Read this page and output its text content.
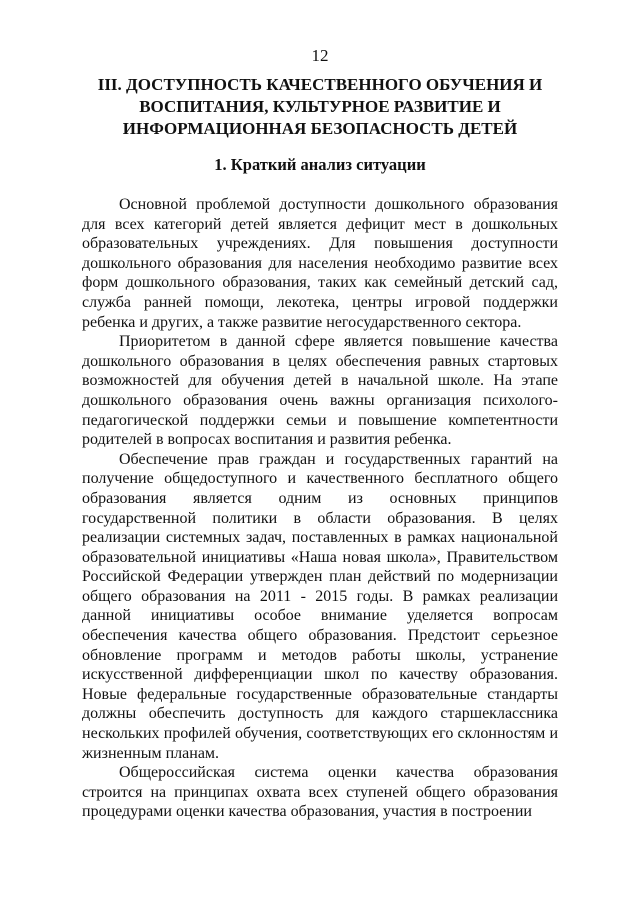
12
III. ДОСТУПНОСТЬ КАЧЕСТВЕННОГО ОБУЧЕНИЯ И ВОСПИТАНИЯ, КУЛЬТУРНОЕ РАЗВИТИЕ И ИНФОРМАЦИОННАЯ БЕЗОПАСНОСТЬ ДЕТЕЙ
1. Краткий анализ ситуации

Основной проблемой доступности дошкольного образования для всех категорий детей является дефицит мест в дошкольных образовательных учреждениях. Для повышения доступности дошкольного образования для населения необходимо развитие всех форм дошкольного образования, таких как семейный детский сад, служба ранней помощи, лекотека, центры игровой поддержки ребенка и других, а также развитие негосударственного сектора.

Приоритетом в данной сфере является повышение качества дошкольного образования в целях обеспечения равных стартовых возможностей для обучения детей в начальной школе. На этапе дошкольного образования очень важны организация психолого-педагогической поддержки семьи и повышение компетентности родителей в вопросах воспитания и развития ребенка.

Обеспечение прав граждан и государственных гарантий на получение общедоступного и качественного бесплатного общего образования является одним из основных принципов государственной политики в области образования. В целях реализации системных задач, поставленных в рамках национальной образовательной инициативы «Наша новая школа», Правительством Российской Федерации утвержден план действий по модернизации общего образования на 2011 - 2015 годы. В рамках реализации данной инициативы особое внимание уделяется вопросам обеспечения качества общего образования. Предстоит серьезное обновление программ и методов работы школы, устранение искусственной дифференциации школ по качеству образования. Новые федеральные государственные образовательные стандарты должны обеспечить доступность для каждого старшеклассника нескольких профилей обучения, соответствующих его склонностям и жизненным планам.

Общероссийская система оценки качества образования строится на принципах охвата всех ступеней общего образования процедурами оценки качества образования, участия в построении
